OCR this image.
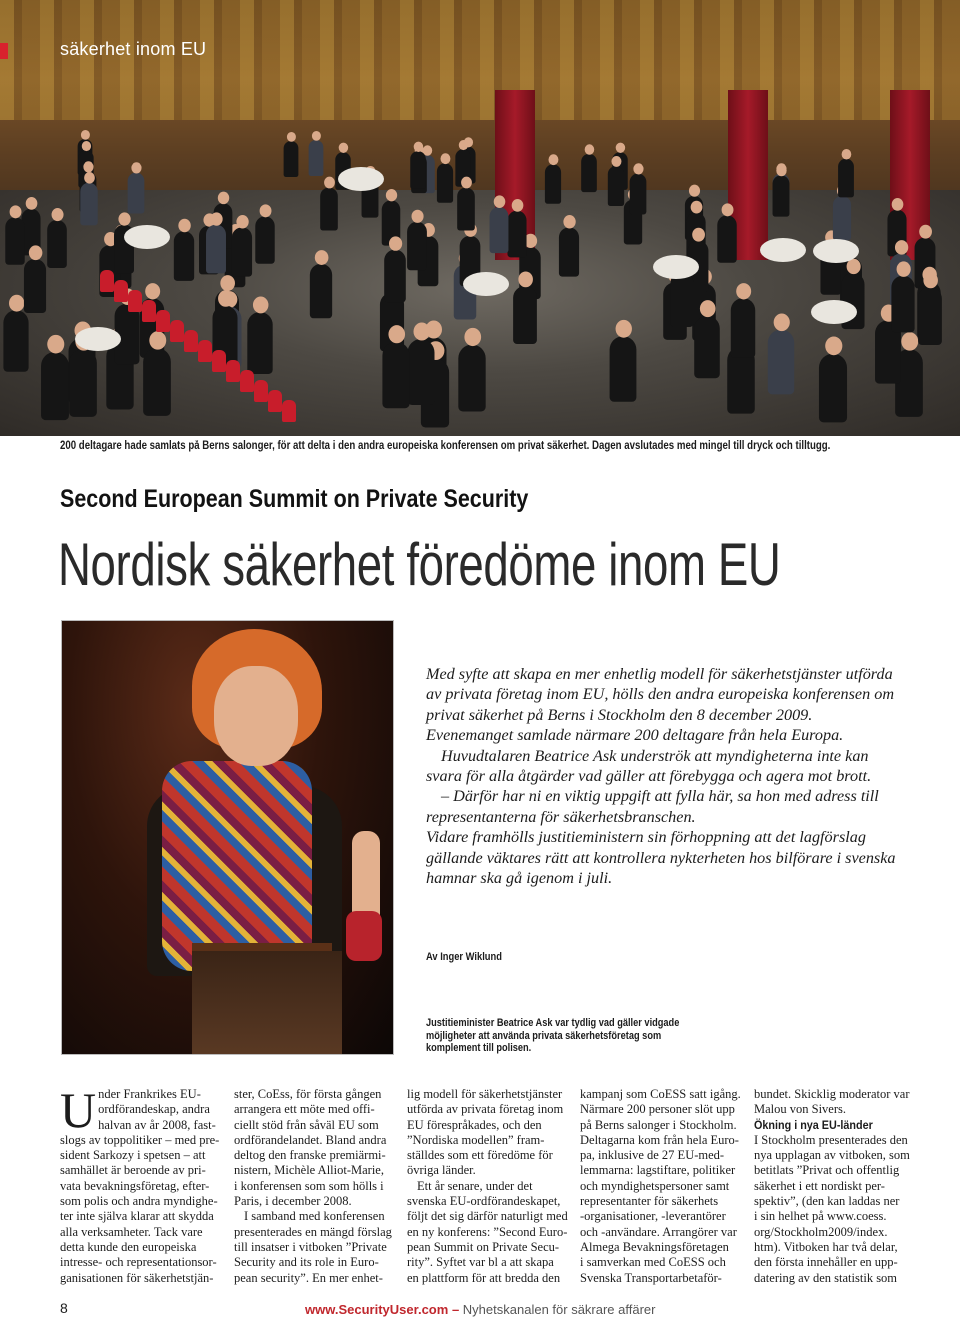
säkerhet inom EU
200 deltagare hade samlats på Berns salonger, för att delta i den andra europeiska konferensen om privat säkerhet. Dagen avslutades med mingel till dryck och tilltugg.
Second European Summit on Private Security
Nordisk säkerhet föredöme inom EU

Med syfte att skapa en mer enhetlig modell för säkerhetstjänster utförda av privata företag inom EU, hölls den andra europeiska konferensen om privat säkerhet på Berns i Stockholm den 8 december 2009. Evenemanget samlade närmare 200 deltagare från hela Europa.

Huvudtalaren Beatrice Ask underströk att myndigheterna inte kan svara för alla åtgärder vad gäller att förebygga och agera mot brott.

– Därför har ni en viktig uppgift att fylla här, sa hon med adress till representanterna för säkerhetsbranschen.

Vidare framhölls justitieministern sin förhoppning att det lagförslag gällande väktares rätt att kontrollera nykterheten hos bilförare i svenska hamnar ska gå igenom i juli.

Av Inger Wiklund
Justitieminister Beatrice Ask var tydlig vad gäller vidgade
möjligheter att använda privata säkerhetsföretag som
komplement till polisen.
U nder Frankrikes EU-
ordförandeskap, andra
halvan av år 2008, fast-
slogs av toppolitiker – med pre-
sident Sarkozy i spetsen – att
samhället är beroende av pri-
vata bevakningsföretag, efter-
som polis och andra myndighe-
ter inte själva klarar att skydda
alla verksamheter. Tack vare
detta kunde den europeiska
intresse- och representationsor-
ganisationen för säkerhetstjän-
ster, CoEss, för första gången
arrangera ett möte med offi-
ciellt stöd från såväl EU som
ordförandelandet. Bland andra
deltog den franske premiärmi-
nistern, Michèle Alliot-Marie,
i konferensen som som hölls i
Paris, i december 2008.
I samband med konferensen
presenterades en mängd förslag
till insatser i vitboken ”Private
Security and its role in Euro-
pean security”. En mer enhet-
lig modell för säkerhetstjänster
utförda av privata företag inom
EU förespråkades, och den
”Nordiska modellen” fram-
ställdes som ett föredöme för
övriga länder.
Ett år senare, under det
svenska EU-ordförandeskapet,
följt det sig därför naturligt med
en ny konferens: ”Second Euro-
pean Summit on Private Secu-
rity”. Syftet var bl a att skapa
en plattform för att bredda den
kampanj som CoESS satt igång.
Närmare 200 personer slöt upp
på Berns salonger i Stockholm.
Deltagarna kom från hela Euro-
pa, inklusive de 27 EU-med-
lemmarna: lagstiftare, politiker
och myndighetspersoner samt
representanter för säkerhets
-organisationer, -leverantörer
och -användare. Arrangörer var
Almega Bevakningsföretagen
i samverkan med CoESS och
Svenska Transportarbetaför-
bundet. Skicklig moderator var
Malou von Sivers.
Ökning i nya EU-länder
I Stockholm presenterades den
nya upplagan av vitboken, som
betitlats ”Privat och offentlig
säkerhet i ett nordiskt per-
spektiv”, (den kan laddas ner
i sin helhet på www.coess.
org/Stockholm2009/index.
htm). Vitboken har två delar,
den första innehåller en upp-
datering av den statistik som
8	www.SecurityUser.com – Nyhetskanalen för säkrare affärer
